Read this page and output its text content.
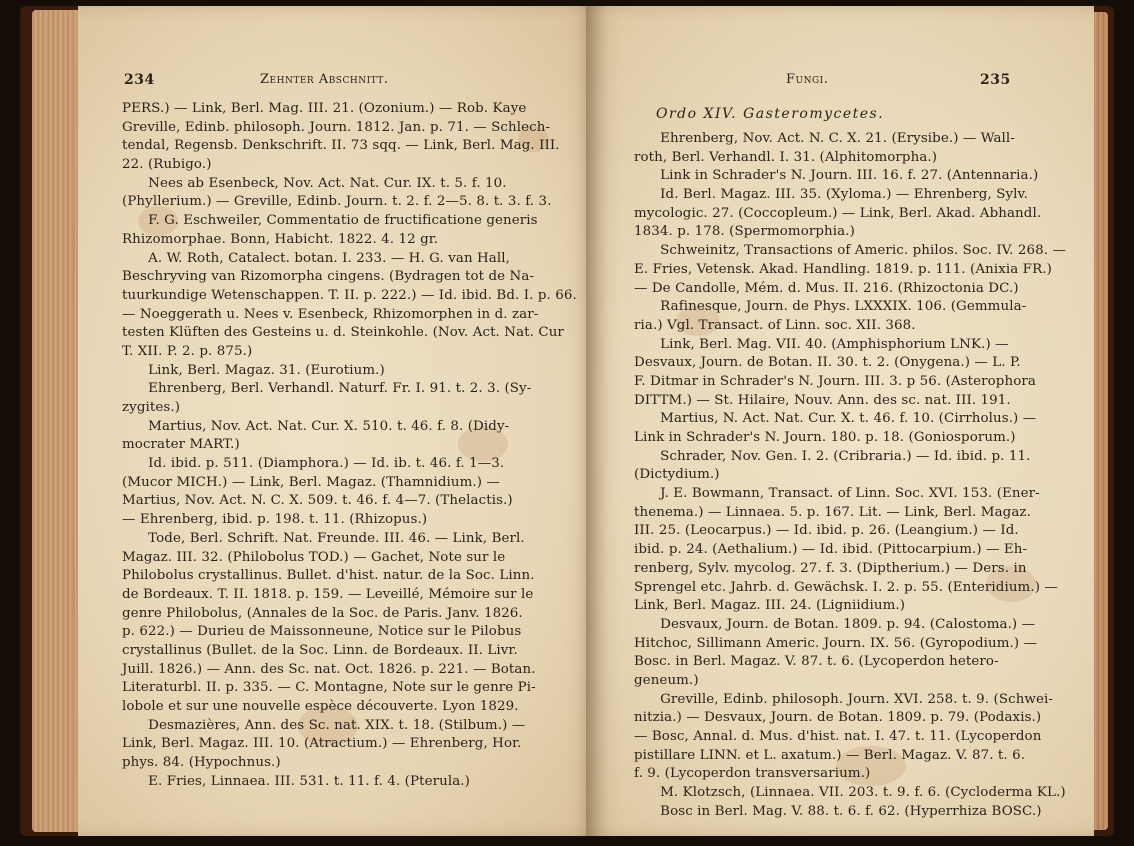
234	Zehnter Abschnitt.
PERS.) — Link, Berl. Mag. III. 21. (Ozonium.) — Rob. Kaye
Greville, Edinb. philosoph. Journ. 1812. Jan. p. 71. — Schlech-
tendal, Regensb. Denkschrift. II. 73 sqq. — Link, Berl. Mag. III.
22. (Rubigo.)
Nees ab Esenbeck, Nov. Act. Nat. Cur. IX. t. 5. f. 10.
(Phyllerium.) — Greville, Edinb. Journ. t. 2. f. 2—5. 8. t. 3. f. 3.
F. G. Eschweiler, Commentatio de fructificatione generis
Rhizomorphae. Bonn, Habicht. 1822. 4. 12 gr.
A. W. Roth, Catalect. botan. I. 233. — H. G. van Hall,
Beschryving van Rizomorpha cingens. (Bydragen tot de Na-
tuurkundige Wetenschappen. T. II. p. 222.) — Id. ibid. Bd. I. p. 66.
— Noeggerath u. Nees v. Esenbeck, Rhizomorphen in d. zar-
testen Klüften des Gesteins u. d. Steinkohle. (Nov. Act. Nat. Cur
T. XII. P. 2. p. 875.)
Link, Berl. Magaz. 31. (Eurotium.)
Ehrenberg, Berl. Verhandl. Naturf. Fr. I. 91. t. 2. 3. (Sy-
zygites.)
Martius, Nov. Act. Nat. Cur. X. 510. t. 46. f. 8. (Didy-
mocrater MART.)
Id. ibid. p. 511. (Diamphora.) — Id. ib. t. 46. f. 1—3.
(Mucor MICH.) — Link, Berl. Magaz. (Thamnidium.) —
Martius, Nov. Act. N. C. X. 509. t. 46. f. 4—7. (Thelactis.)
— Ehrenberg, ibid. p. 198. t. 11. (Rhizopus.)
Tode, Berl. Schrift. Nat. Freunde. III. 46. — Link, Berl.
Magaz. III. 32. (Philobolus TOD.) — Gachet, Note sur le
Philobolus crystallinus. Bullet. d'hist. natur. de la Soc. Linn.
de Bordeaux. T. II. 1818. p. 159. — Leveillé, Mémoire sur le
genre Philobolus, (Annales de la Soc. de Paris. Janv. 1826.
p. 622.) — Durieu de Maissonneune, Notice sur le Pilobus
crystallinus (Bullet. de la Soc. Linn. de Bordeaux. II. Livr.
Juill. 1826.) — Ann. des Sc. nat. Oct. 1826. p. 221. — Botan.
Literaturbl. II. p. 335. — C. Montagne, Note sur le genre Pi-
lobole et sur une nouvelle espèce découverte. Lyon 1829.
Desmazières, Ann. des Sc. nat. XIX. t. 18. (Stilbum.) —
Link, Berl. Magaz. III. 10. (Atractium.) — Ehrenberg, Hor.
phys. 84. (Hypochnus.)
E. Fries, Linnaea. III. 531. t. 11. f. 4. (Pterula.)
Fungi.	235
Ordo XIV. Gasteromycetes.
Ehrenberg, Nov. Act. N. C. X. 21. (Erysibe.) — Wall-
roth, Berl. Verhandl. I. 31. (Alphitomorpha.)
Link in Schrader's N. Journ. III. 16. f. 27. (Antennaria.)
Id. Berl. Magaz. III. 35. (Xyloma.) — Ehrenberg, Sylv.
mycologic. 27. (Coccopleum.) — Link, Berl. Akad. Abhandl.
1834. p. 178. (Spermomorphia.)
Schweinitz, Transactions of Americ. philos. Soc. IV. 268. —
E. Fries, Vetensk. Akad. Handling. 1819. p. 111. (Anixia FR.)
— De Candolle, Mém. d. Mus. II. 216. (Rhizoctonia DC.)
Rafinesque, Journ. de Phys. LXXXIX. 106. (Gemmula-
ria.) Vgl. Transact. of Linn. soc. XII. 368.
Link, Berl. Mag. VII. 40. (Amphisphorium LNK.) —
Desvaux, Journ. de Botan. II. 30. t. 2. (Onygena.) — L. P.
F. Ditmar in Schrader's N. Journ. III. 3. p 56. (Asterophora
DITTM.) — St. Hilaire, Nouv. Ann. des sc. nat. III. 191.
Martius, N. Act. Nat. Cur. X. t. 46. f. 10. (Cirrholus.) —
Link in Schrader's N. Journ. 180. p. 18. (Goniosporum.)
Schrader, Nov. Gen. I. 2. (Cribraria.) — Id. ibid. p. 11.
(Dictydium.)
J. E. Bowmann, Transact. of Linn. Soc. XVI. 153. (Ener-
thenema.) — Linnaea. 5. p. 167. Lit. — Link, Berl. Magaz.
III. 25. (Leocarpus.) — Id. ibid. p. 26. (Leangium.) — Id.
ibid. p. 24. (Aethalium.) — Id. ibid. (Pittocarpium.) — Eh-
renberg, Sylv. mycolog. 27. f. 3. (Diptherium.) — Ders. in
Sprengel etc. Jahrb. d. Gewächsk. I. 2. p. 55. (Enteridium.) —
Link, Berl. Magaz. III. 24. (Ligniidium.)
Desvaux, Journ. de Botan. 1809. p. 94. (Calostoma.) —
Hitchoc, Sillimann Americ. Journ. IX. 56. (Gyropodium.) —
Bosc. in Berl. Magaz. V. 87. t. 6. (Lycoperdon hetero-
geneum.)
Greville, Edinb. philosoph. Journ. XVI. 258. t. 9. (Schwei-
nitzia.) — Desvaux, Journ. de Botan. 1809. p. 79. (Podaxis.)
— Bosc, Annal. d. Mus. d'hist. nat. I. 47. t. 11. (Lycoperdon
pistillare LINN. et L. axatum.) — Berl. Magaz. V. 87. t. 6.
f. 9. (Lycoperdon transversarium.)
M. Klotzsch, (Linnaea. VII. 203. t. 9. f. 6. (Cycloderma KL.)
Bosc in Berl. Mag. V. 88. t. 6. f. 62. (Hyperrhiza BOSC.)
